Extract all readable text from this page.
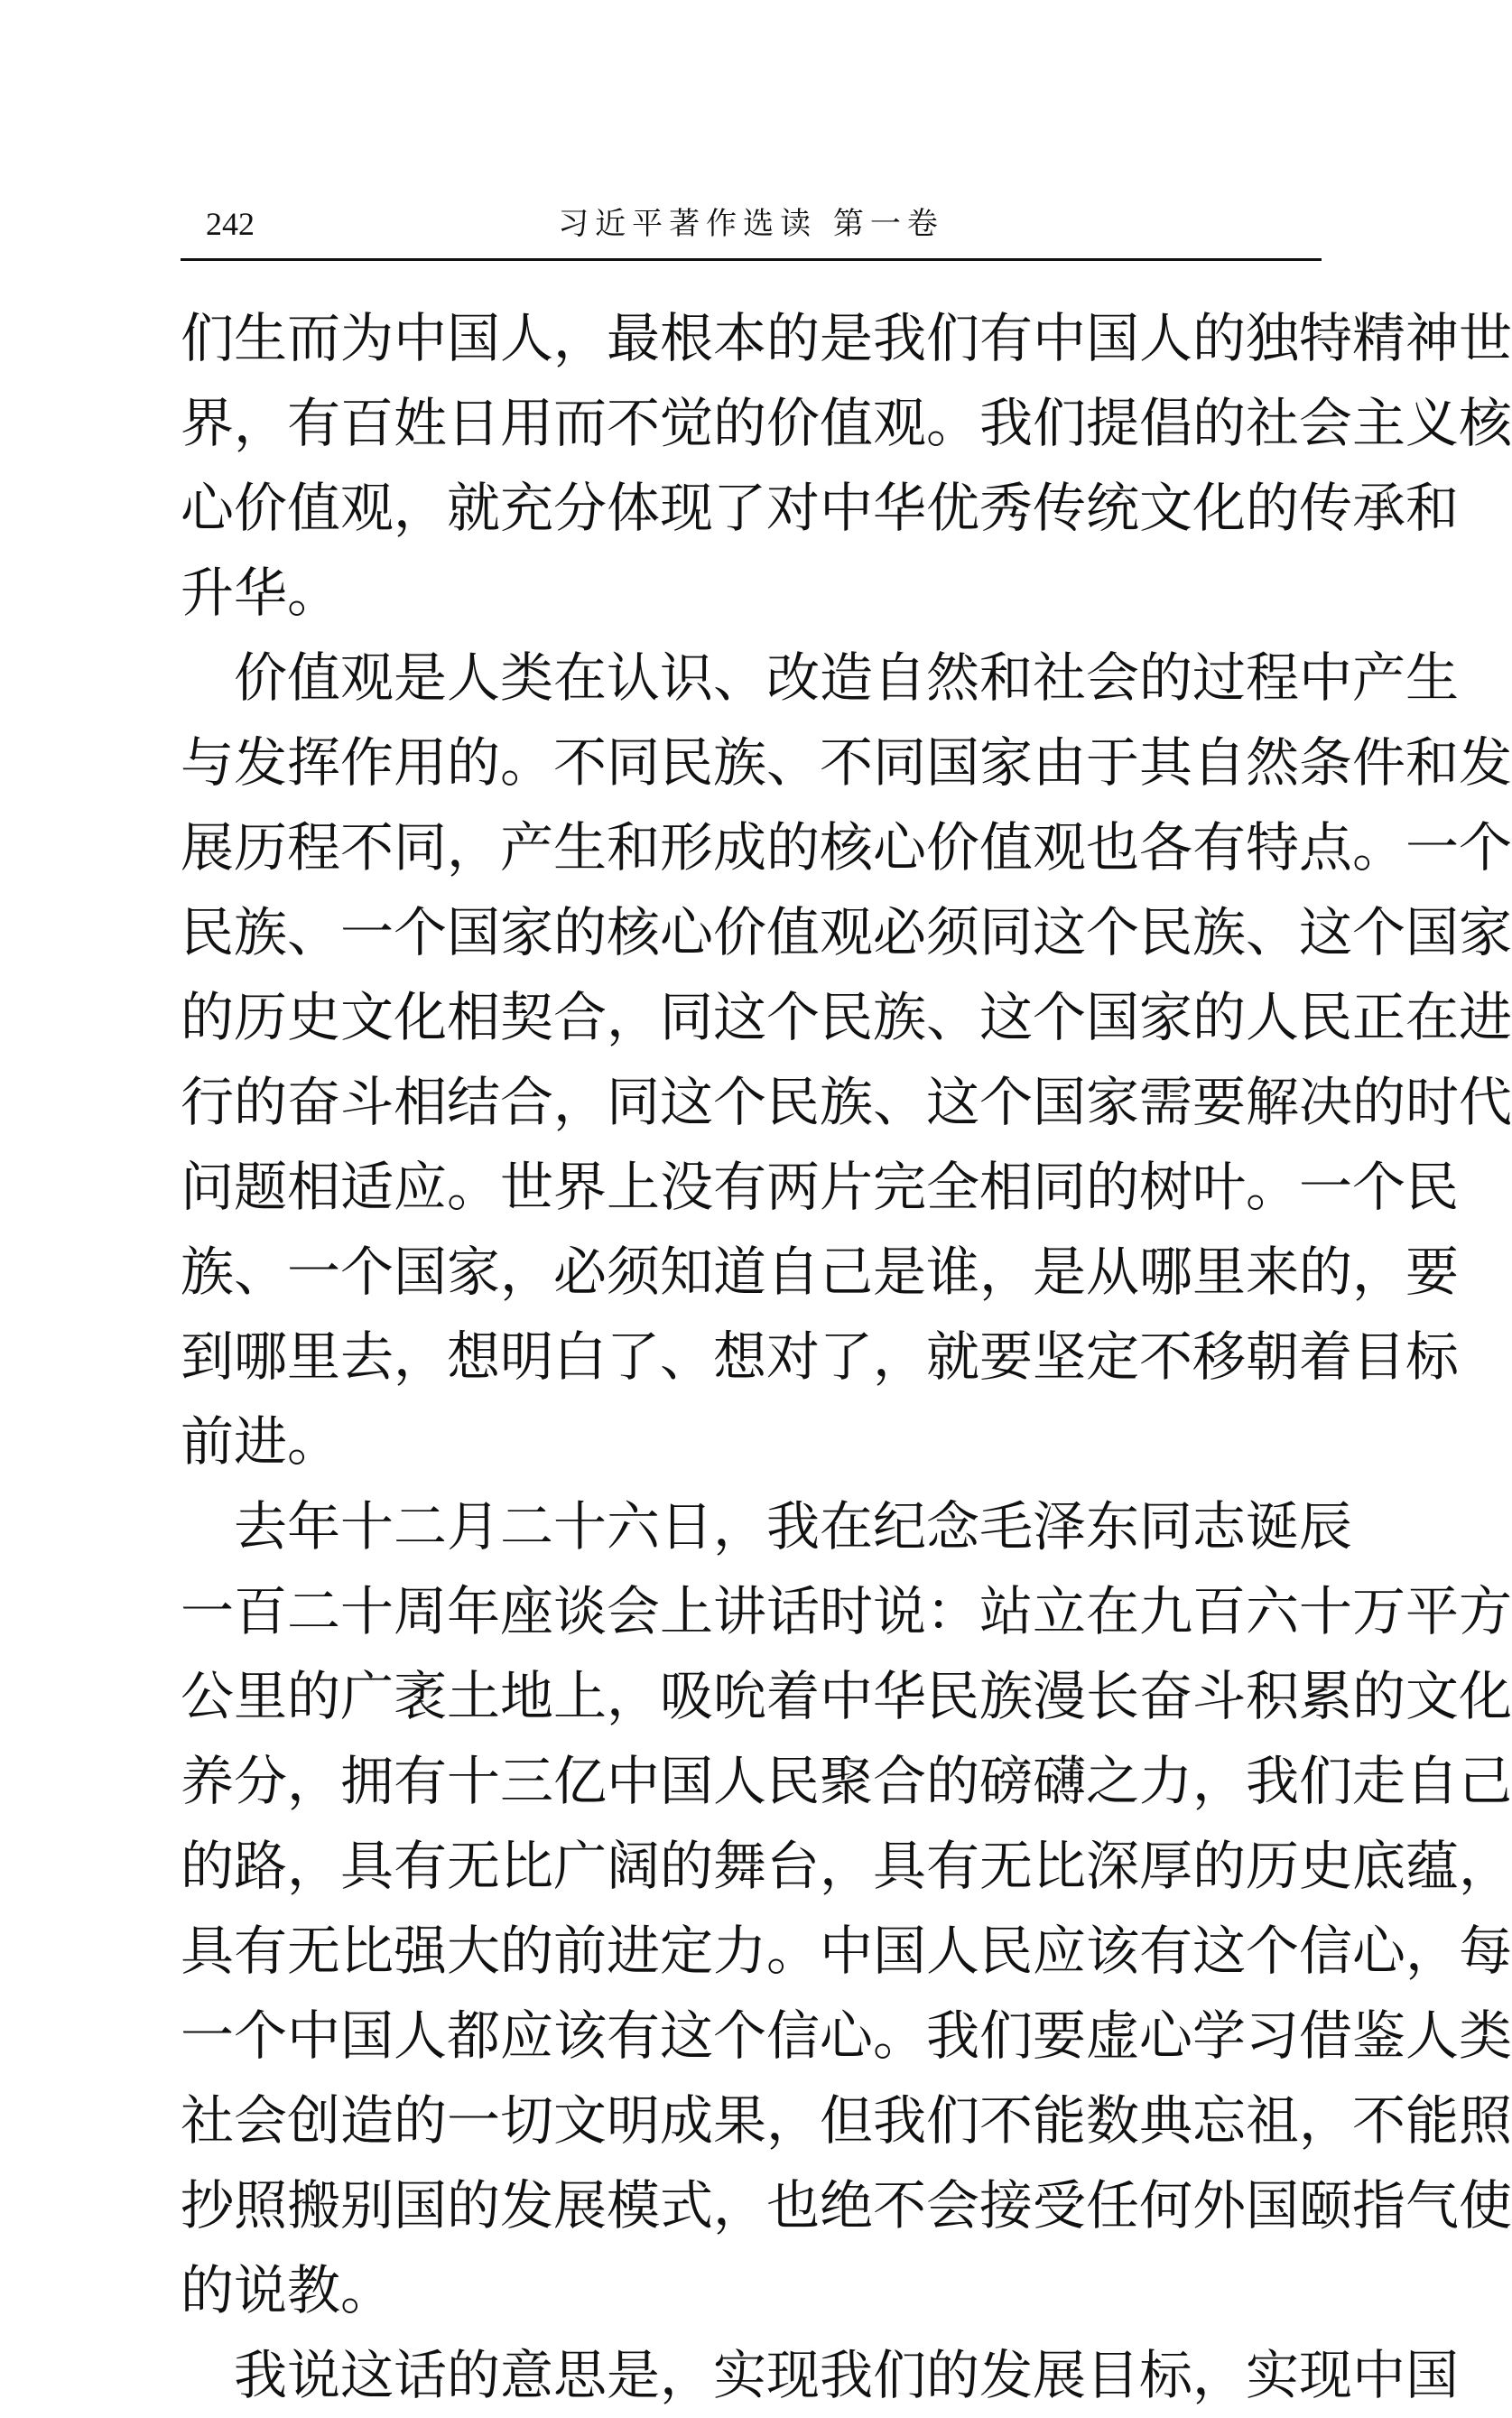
242	习近平著作选读 第一卷
们生而为中国人，最根本的是我们有中国人的独特精神世
界，有百姓日用而不觉的价值观。我们提倡的社会主义核
心价值观，就充分体现了对中华优秀传统文化的传承和
升华。
　价值观是人类在认识、改造自然和社会的过程中产生
与发挥作用的。不同民族、不同国家由于其自然条件和发
展历程不同，产生和形成的核心价值观也各有特点。一个
民族、一个国家的核心价值观必须同这个民族、这个国家
的历史文化相契合，同这个民族、这个国家的人民正在进
行的奋斗相结合，同这个民族、这个国家需要解决的时代
问题相适应。世界上没有两片完全相同的树叶。一个民
族、一个国家，必须知道自己是谁，是从哪里来的，要
到哪里去，想明白了、想对了，就要坚定不移朝着目标
前进。
　去年十二月二十六日，我在纪念毛泽东同志诞辰
一百二十周年座谈会上讲话时说：站立在九百六十万平方
公里的广袤土地上，吸吮着中华民族漫长奋斗积累的文化
养分，拥有十三亿中国人民聚合的磅礴之力，我们走自己
的路，具有无比广阔的舞台，具有无比深厚的历史底蕴，
具有无比强大的前进定力。中国人民应该有这个信心，每
一个中国人都应该有这个信心。我们要虚心学习借鉴人类
社会创造的一切文明成果，但我们不能数典忘祖，不能照
抄照搬别国的发展模式，也绝不会接受任何外国颐指气使
的说教。
　我说这话的意思是，实现我们的发展目标，实现中国
